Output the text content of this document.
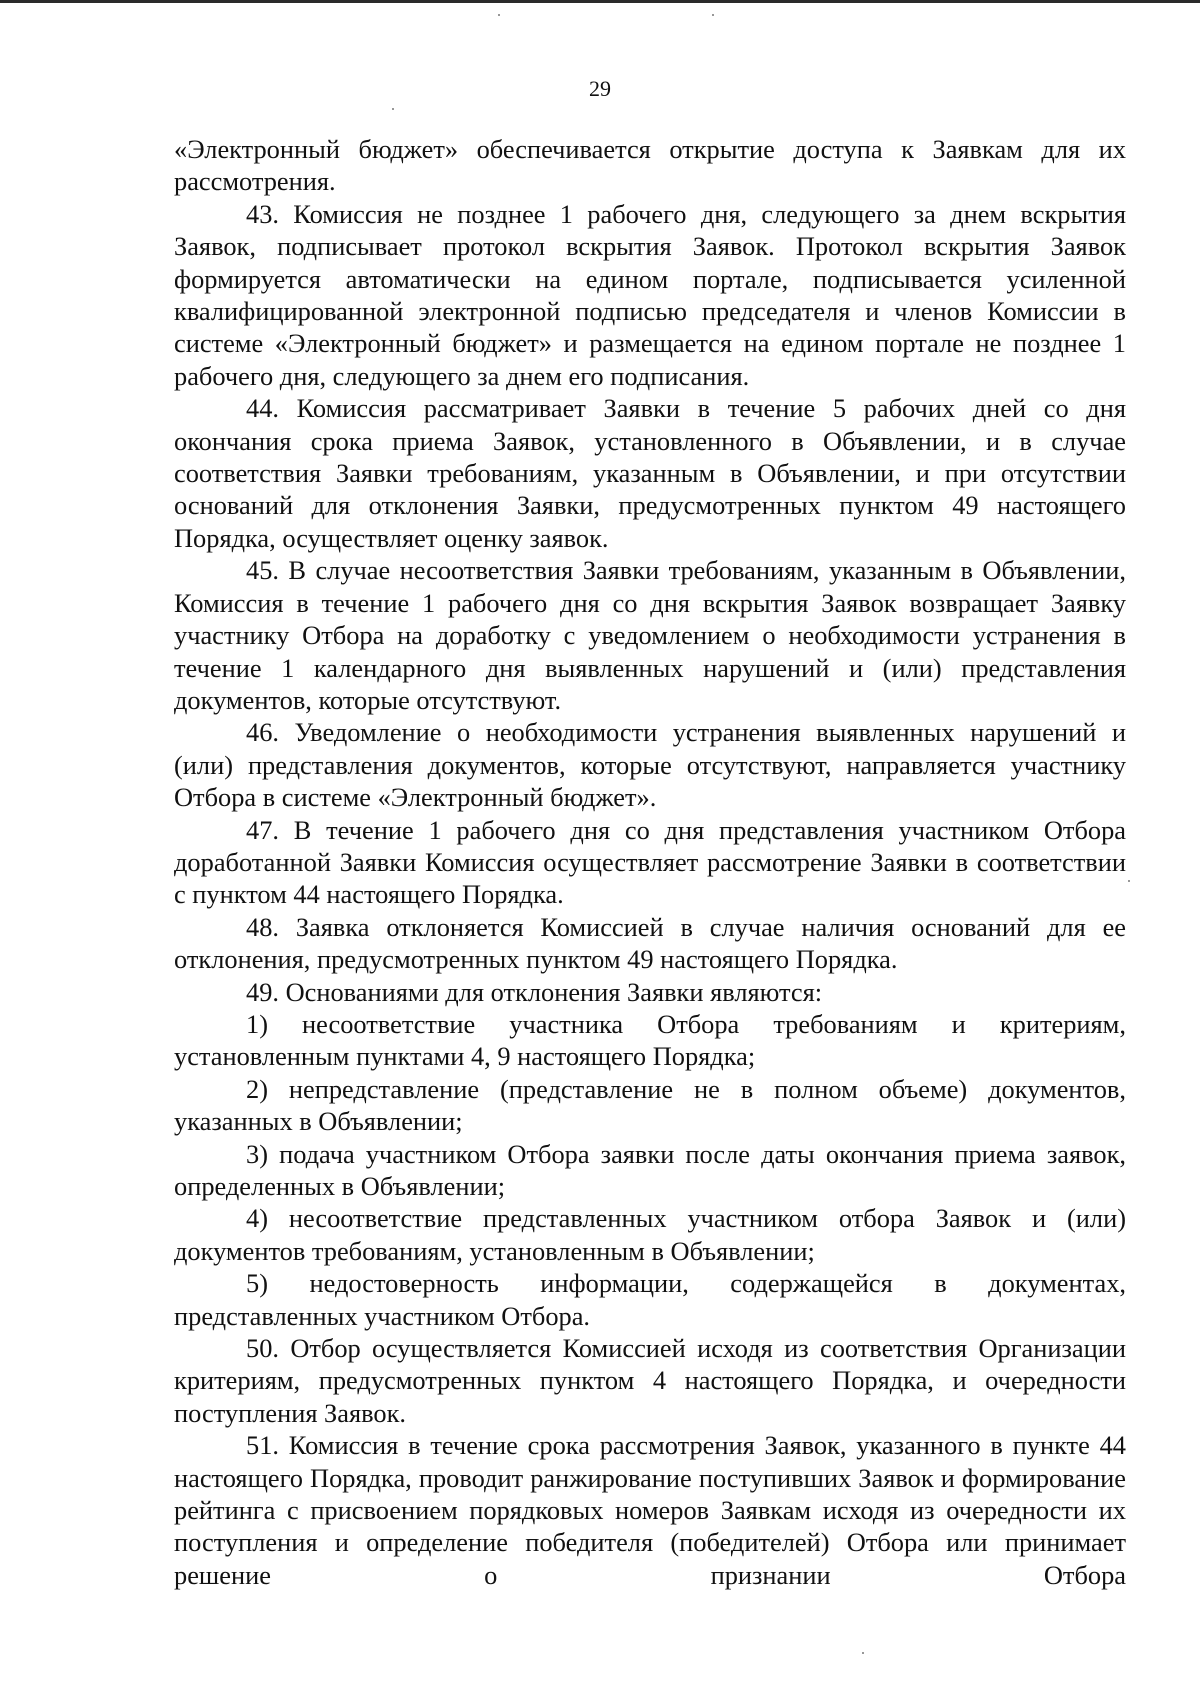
29

«Электронный бюджет» обеспечивается открытие доступа к Заявкам для их рассмотрения.

43. Комиссия не позднее 1 рабочего дня, следующего за днем вскрытия Заявок, подписывает протокол вскрытия Заявок. Протокол вскрытия Заявок формируется автоматически на едином портале, подписывается усиленной квалифицированной электронной подписью председателя и членов Комиссии в системе «Электронный бюджет» и размещается на едином портале не позднее 1 рабочего дня, следующего за днем его подписания.

44. Комиссия рассматривает Заявки в течение 5 рабочих дней со дня окончания срока приема Заявок, установленного в Объявлении, и в случае соответствия Заявки требованиям, указанным в Объявлении, и при отсутствии оснований для отклонения Заявки, предусмотренных пунктом 49 настоящего Порядка, осуществляет оценку заявок.

45. В случае несоответствия Заявки требованиям, указанным в Объявлении, Комиссия в течение 1 рабочего дня со дня вскрытия Заявок возвращает Заявку участнику Отбора на доработку с уведомлением о необходимости устранения в течение 1 календарного дня выявленных нарушений и (или) представления документов, которые отсутствуют.

46. Уведомление о необходимости устранения выявленных нарушений и (или) представления документов, которые отсутствуют, направляется участнику Отбора в системе «Электронный бюджет».

47. В течение 1 рабочего дня со дня представления участником Отбора доработанной Заявки Комиссия осуществляет рассмотрение Заявки в соответствии с пунктом 44 настоящего Порядка.

48. Заявка отклоняется Комиссией в случае наличия оснований для ее отклонения, предусмотренных пунктом 49 настоящего Порядка.

49. Основаниями для отклонения Заявки являются:

1) несоответствие участника Отбора требованиям и критериям, установленным пунктами 4, 9 настоящего Порядка;

2) непредставление (представление не в полном объеме) документов, указанных в Объявлении;

3) подача участником Отбора заявки после даты окончания приема заявок, определенных в Объявлении;

4) несоответствие представленных участником отбора Заявок и (или) документов требованиям, установленным в Объявлении;

5) недостоверность информации, содержащейся в документах, представленных участником Отбора.

50. Отбор осуществляется Комиссией исходя из соответствия Организации критериям, предусмотренных пунктом 4 настоящего Порядка, и очередности поступления Заявок.

51. Комиссия в течение срока рассмотрения Заявок, указанного в пункте 44 настоящего Порядка, проводит ранжирование поступивших Заявок и формирование рейтинга с присвоением порядковых номеров Заявкам исходя из очередности их поступления и определение победителя (победителей) Отбора или принимает решение о признании Отбора
